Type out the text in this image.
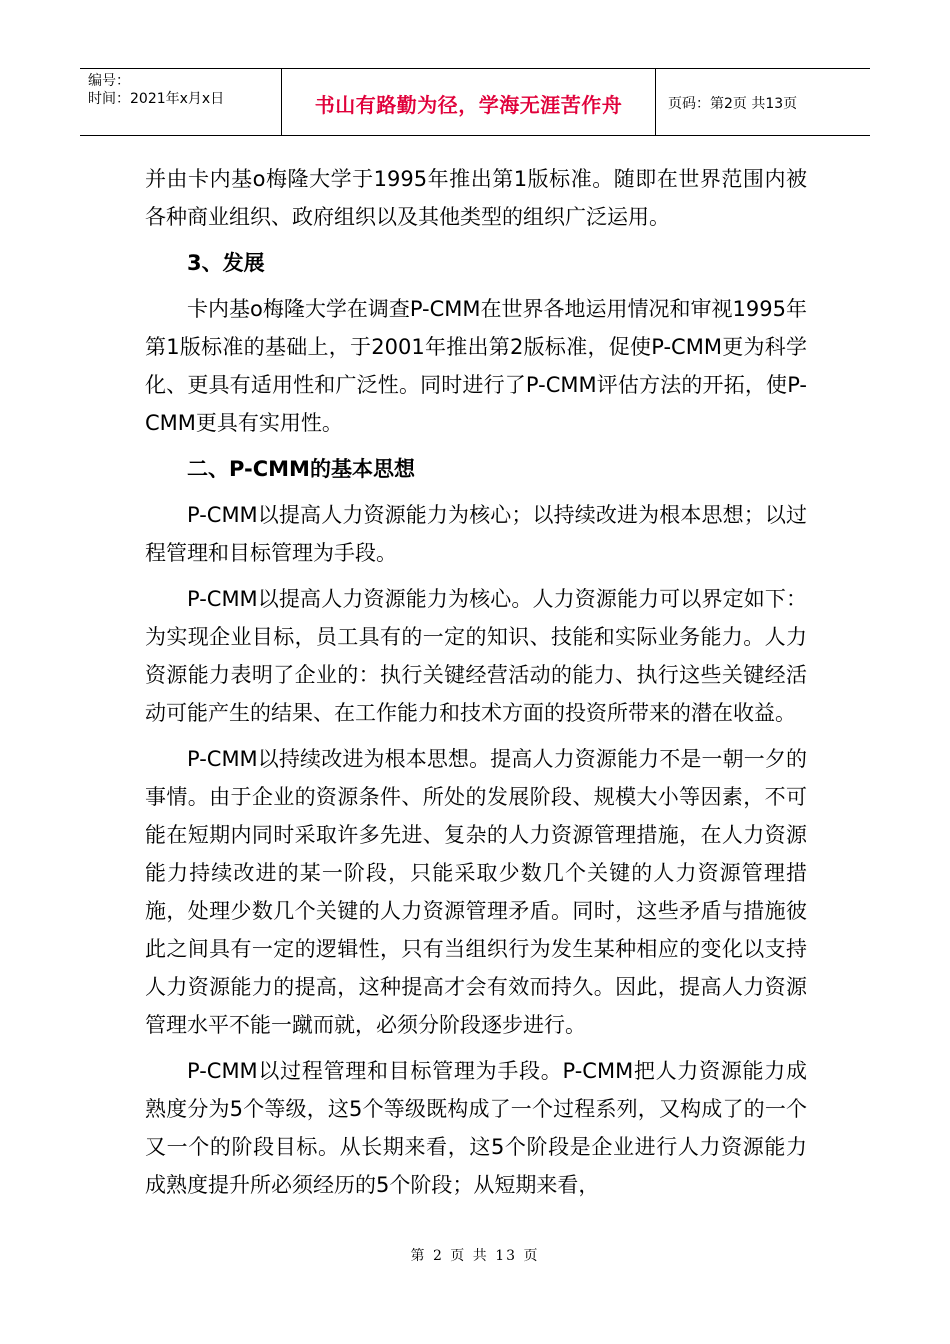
编号：
时间：2021年x月x日	书山有路勤为径，学海无涯苦作舟	页码：第2页 共13页

并由卡内基o梅隆大学于1995年推出第1版标准。随即在世界范围内被各种商业组织、政府组织以及其他类型的组织广泛运用。

3、发展

卡内基o梅隆大学在调查P-CMM在世界各地运用情况和审视1995年第1版标准的基础上，于2001年推出第2版标准，促使P-CMM更为科学化、更具有适用性和广泛性。同时进行了P-CMM评估方法的开拓，使P-CMM更具有实用性。

二、P-CMM的基本思想

P-CMM以提高人力资源能力为核心；以持续改进为根本思想；以过程管理和目标管理为手段。

P-CMM以提高人力资源能力为核心。人力资源能力可以界定如下：为实现企业目标，员工具有的一定的知识、技能和实际业务能力。人力资源能力表明了企业的：执行关键经营活动的能力、执行这些关键经活动可能产生的结果、在工作能力和技术方面的投资所带来的潜在收益。

P-CMM以持续改进为根本思想。提高人力资源能力不是一朝一夕的事情。由于企业的资源条件、所处的发展阶段、规模大小等因素，不可能在短期内同时采取许多先进、复杂的人力资源管理措施，在人力资源能力持续改进的某一阶段，只能采取少数几个关键的人力资源管理措施，处理少数几个关键的人力资源管理矛盾。同时，这些矛盾与措施彼此之间具有一定的逻辑性，只有当组织行为发生某种相应的变化以支持人力资源能力的提高，这种提高才会有效而持久。因此，提高人力资源管理水平不能一蹴而就，必须分阶段逐步进行。

P-CMM以过程管理和目标管理为手段。P-CMM把人力资源能力成熟度分为5个等级，这5个等级既构成了一个过程系列，又构成了的一个又一个的阶段目标。从长期来看，这5个阶段是企业进行人力资源能力成熟度提升所必须经历的5个阶段；从短期来看，

第 2 页 共 13 页
